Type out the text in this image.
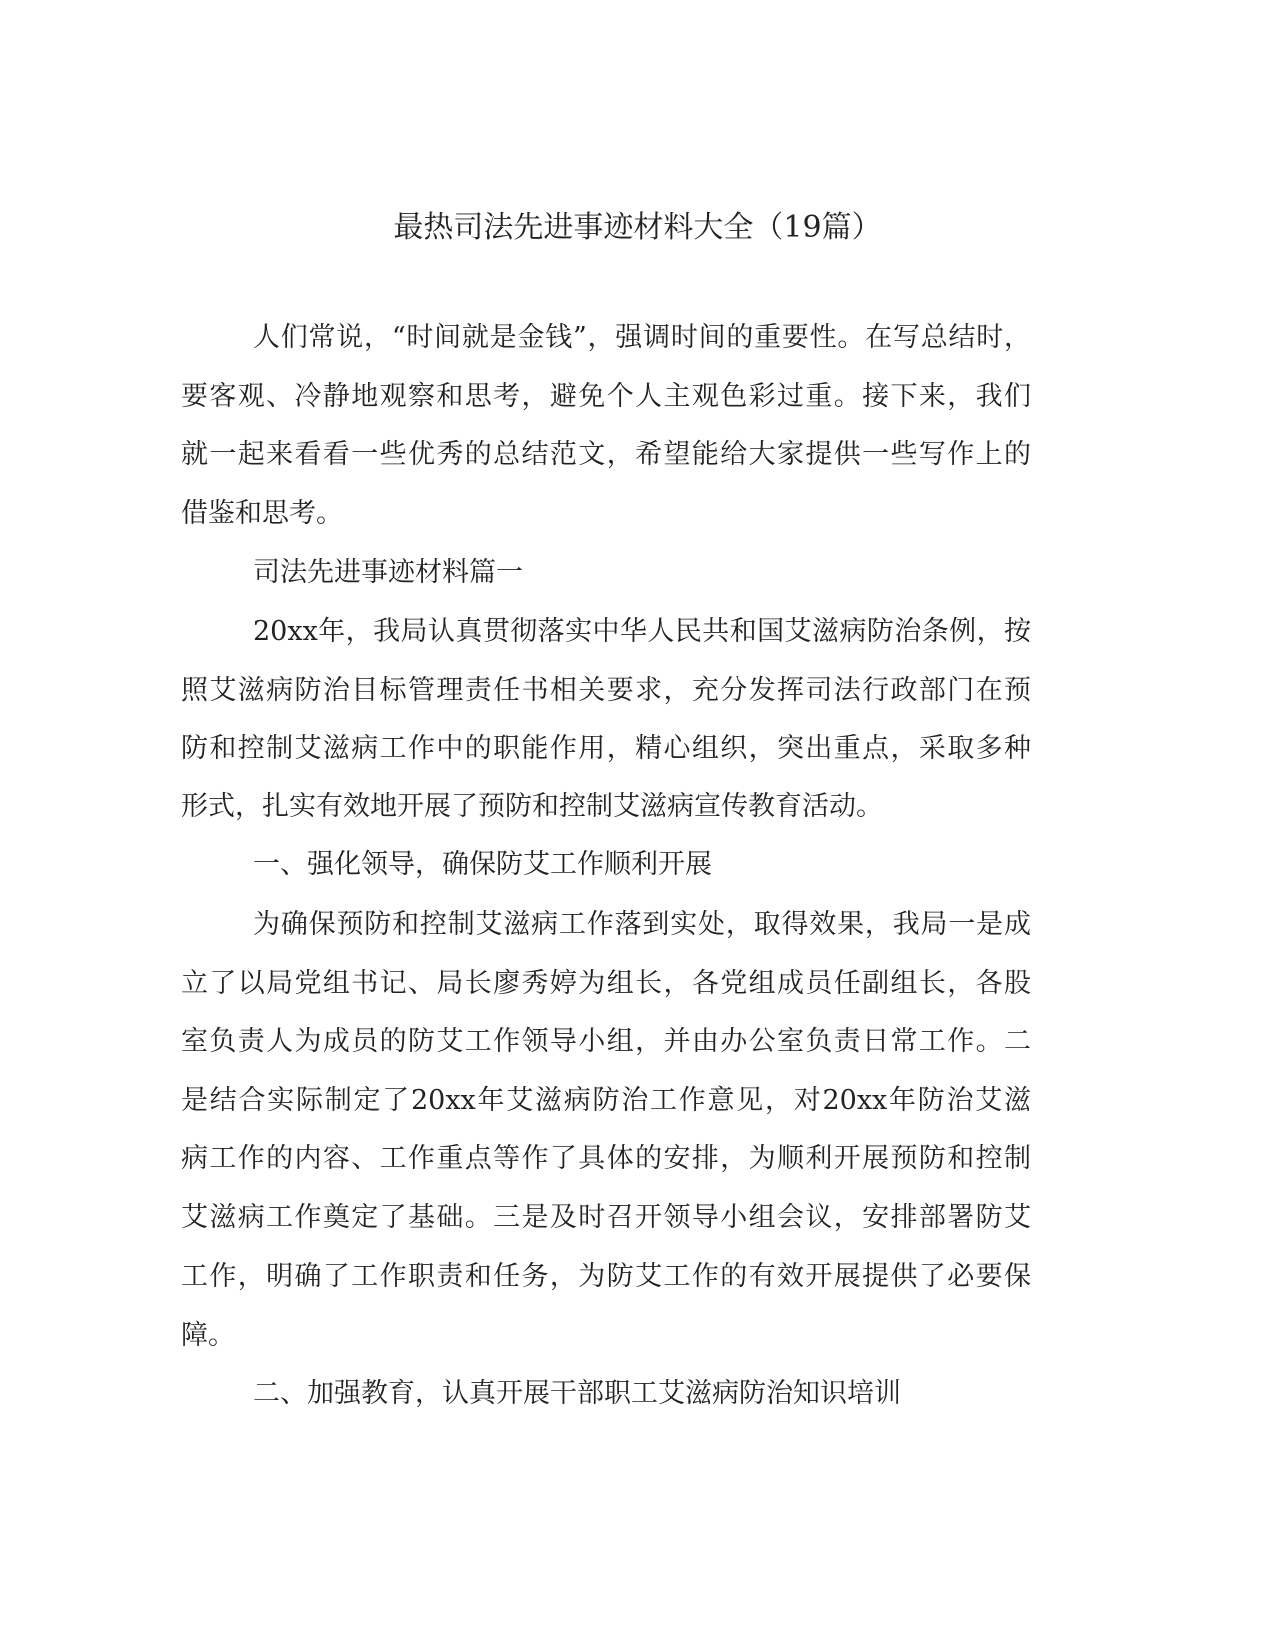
最热司法先进事迹材料大全（19篇）
人们常说，“时间就是金钱”，强调时间的重要性。在写总结时，
要客观、冷静地观察和思考，避免个人主观色彩过重。接下来，我们
就一起来看看一些优秀的总结范文，希望能给大家提供一些写作上的
借鉴和思考。
司法先进事迹材料篇一
20xx年，我局认真贯彻落实中华人民共和国艾滋病防治条例，按
照艾滋病防治目标管理责任书相关要求，充分发挥司法行政部门在预
防和控制艾滋病工作中的职能作用，精心组织，突出重点，采取多种
形式，扎实有效地开展了预防和控制艾滋病宣传教育活动。
一、强化领导，确保防艾工作顺利开展
为确保预防和控制艾滋病工作落到实处，取得效果，我局一是成
立了以局党组书记、局长廖秀婷为组长，各党组成员任副组长，各股
室负责人为成员的防艾工作领导小组，并由办公室负责日常工作。二
是结合实际制定了20xx年艾滋病防治工作意见，对20xx年防治艾滋
病工作的内容、工作重点等作了具体的安排，为顺利开展预防和控制
艾滋病工作奠定了基础。三是及时召开领导小组会议，安排部署防艾
工作，明确了工作职责和任务，为防艾工作的有效开展提供了必要保
障。
二、加强教育，认真开展干部职工艾滋病防治知识培训
